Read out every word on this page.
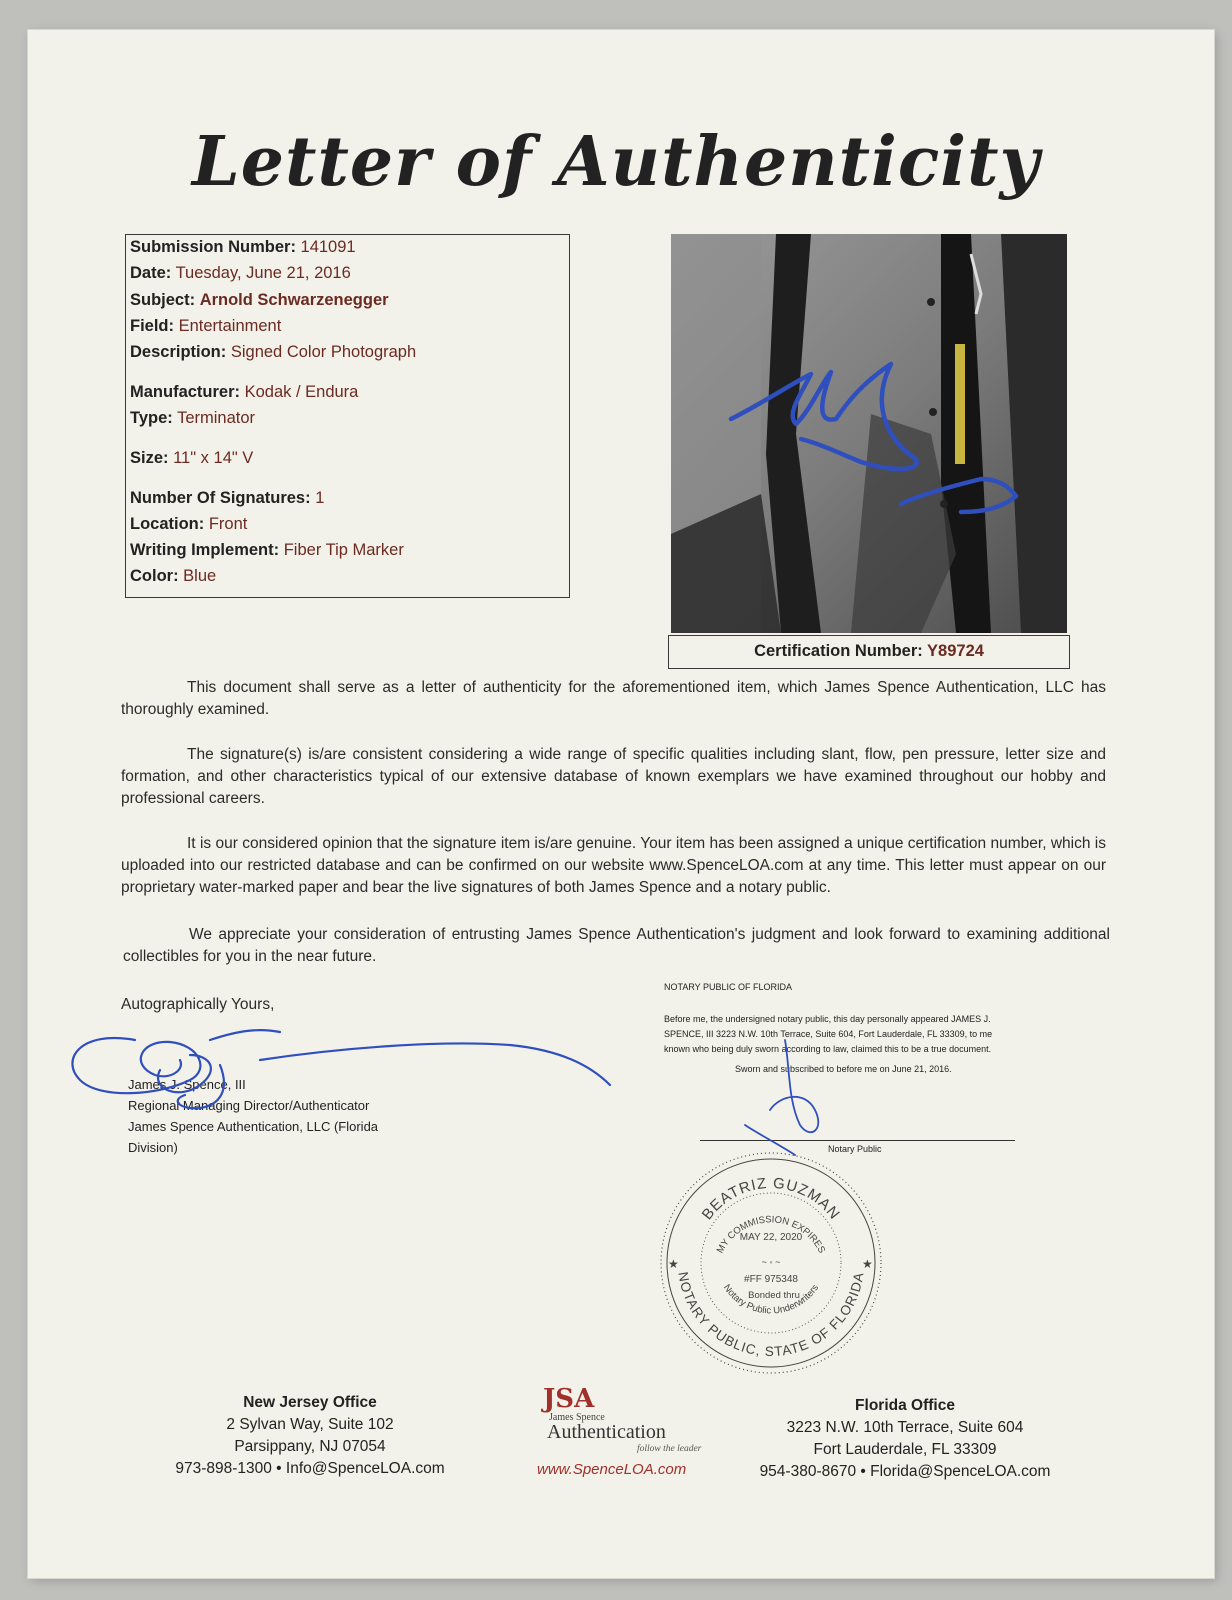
Letter of Authenticity
Submission Number: 141091
Date: Tuesday, June 21, 2016
Subject: Arnold Schwarzenegger
Field: Entertainment
Description: Signed Color Photograph
Manufacturer: Kodak / Endura
Type: Terminator
Size: 11" x 14" V
Number Of Signatures: 1
Location: Front
Writing Implement: Fiber Tip Marker
Color: Blue
Certification Number: Y89724
This document shall serve as a letter of authenticity for the aforementioned item, which James Spence Authentication, LLC has thoroughly examined.
The signature(s) is/are consistent considering a wide range of specific qualities including slant, flow, pen pressure, letter size and formation, and other characteristics typical of our extensive database of known exemplars we have examined throughout our hobby and professional careers.
It is our considered opinion that the signature item is/are genuine. Your item has been assigned a unique certification number, which is uploaded into our restricted database and can be confirmed on our website www.SpenceLOA.com at any time. This letter must appear on our proprietary water-marked paper and bear the live signatures of both James Spence and a notary public.
We appreciate your consideration of entrusting James Spence Authentication's judgment and look forward to examining additional collectibles for you in the near future.
Autographically Yours,
James J. Spence, III
Regional Managing Director/Authenticator
James Spence Authentication, LLC (Florida
Division)
NOTARY PUBLIC OF FLORIDA
Before me, the undersigned notary public, this day personally appeared JAMES J.
SPENCE, III 3223 N.W. 10th Terrace, Suite 604, Fort Lauderdale, FL 33309, to me
known who being duly sworn according to law, claimed this to be a true document.
Sworn and subscribed to before me on June 21, 2016.
Notary Public
BEATRIZ GUZMAN
NOTARY PUBLIC, STATE OF FLORIDA
MY COMMISSION EXPIRES
Notary Public Underwriters
MAY 22, 2020
~ ◦ ~
#FF 975348
Bonded thru
★	★
New Jersey Office
2 Sylvan Way, Suite 102
Parsippany, NJ 07054
973-898-1300 • Info@SpenceLOA.com
JSA
James Spence
Authentication
follow the leader
www.SpenceLOA.com
Florida Office
3223 N.W. 10th Terrace, Suite 604
Fort Lauderdale, FL 33309
954-380-8670 • Florida@SpenceLOA.com
